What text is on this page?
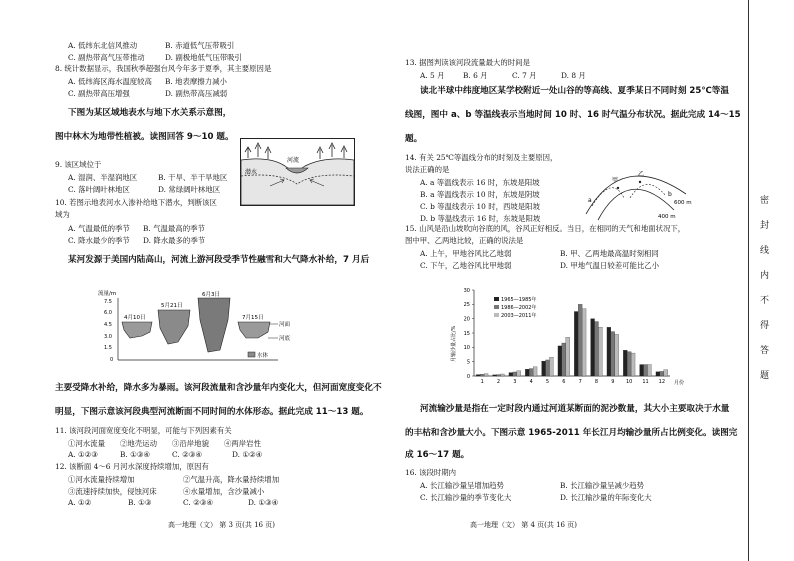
A. 低纬东北信风推动	B. 赤道低气压带吸引
C. 副热带高气压带推动	D. 副极地低气压带吸引
8. 统计数据显示，我国秋季超强台风今年多于夏季，其主要原因是
A. 低纬海区海水温度较高 B. 地表摩擦力减小
C. 副热带高压增强	D. 副热带高压减弱
下图为某区域地表水与地下水关系示意图，
图中林木为地带性植被。读图回答 9～10 题。
河流
潜水
9. 该区域位于
A. 湿润、半湿润地区	B. 干旱、半干旱地区
C. 落叶阔叶林地区	D. 常绿阔叶林地区
10. 若图示地表河水入渗补给地下潜水，判断该区
域为
A. 气温最低的季节 B. 气温最高的季节
C. 降水最少的季节 D. 降水最多的季节
某河发源于美国内陆高山，河流上游河段受季节性融雪和大气降水补给，7 月后
流量/m
7.5
6.0
4.5
3.0
1.5
0
4月10日
5月21日
6月3日
7月15日
河面
河底
水体
主要受降水补给，降水多为暴雨。该河段流量和含沙量年内变化大，但河面宽度变化不
明显，下图示意该河段典型河流断面不同时间的水体形态。据此完成 11～13 题。
11. 该河段河面宽度变化不明显，可能与下列因素有关
①河水流量 ②地壳运动 ③沿岸地貌 ④两岸岩性
A. ①②③	B. ①③④	C. ②③④	D. ①②④
12. 该断面 4～6 月河水深度持续增加，原因有
①河水流量持续增加	②气温升高，降水量持续增加
③流速持续加快，侵蚀河床	④水量增加，含沙量减小
A. ①②	B. ①③	C. ②③④	D. ①③④
高一地理（文） 第 3 页(共 16 页)
13. 据图判读该河段流量最大的时间是
A. 5 月	B. 6 月	C. 7 月	D. 8 月
读北半球中纬度地区某学校附近一处山谷的等高线、夏季某日不同时刻 25℃等温
线图，图中 a、b 等温线表示当地时间 10 时、16 时气温分布状况。据此完成 14～15
题。
14. 有关 25℃等温线分布的时刻及主要原因，
说法正确的是
A. a 等温线表示 16 时，东坡是阳坡
B. a 等温线表示 10 时，东坡是阴坡
C. b 等温线表示 10 时，西坡是阳坡
D. b 等温线表示 16 时，东坡是阳坡
甲
乙
a
b
600 m
400 m
15. 山风是沿山坡吹向谷底的风，谷风正好相反。当日，在相同的天气和地面状况下，
图中甲、乙两地比较，正确的说法是
A. 上午，甲地谷风比乙地弱	B. 甲、乙两地最高温时刻相同
C. 下午，乙地谷风比甲地弱	D. 甲地气温日较差可能比乙小
月输沙量占比/%
月份
1965—1985年
1986—2002年
2003—2011年
0
5
10
15
20
25
30
1	2	3	4	5	6	7	8	9 10 11 12
河流输沙量是指在一定时段内通过河道某断面的泥沙数量，其大小主要取决于水量
的丰枯和含沙量大小。下图示意 1965-2011 年长江月均输沙量所占比例变化。读图完
成 16～17 题。
16. 该段时期内
A. 长江输沙量呈增加趋势	B. 长江输沙量呈减少趋势
C. 长江输沙量的季节变化大	D. 长江输沙量的年际变化大
高一地理（文） 第 4 页(共 16 页)
密
封
线
内
不
得
答
题
